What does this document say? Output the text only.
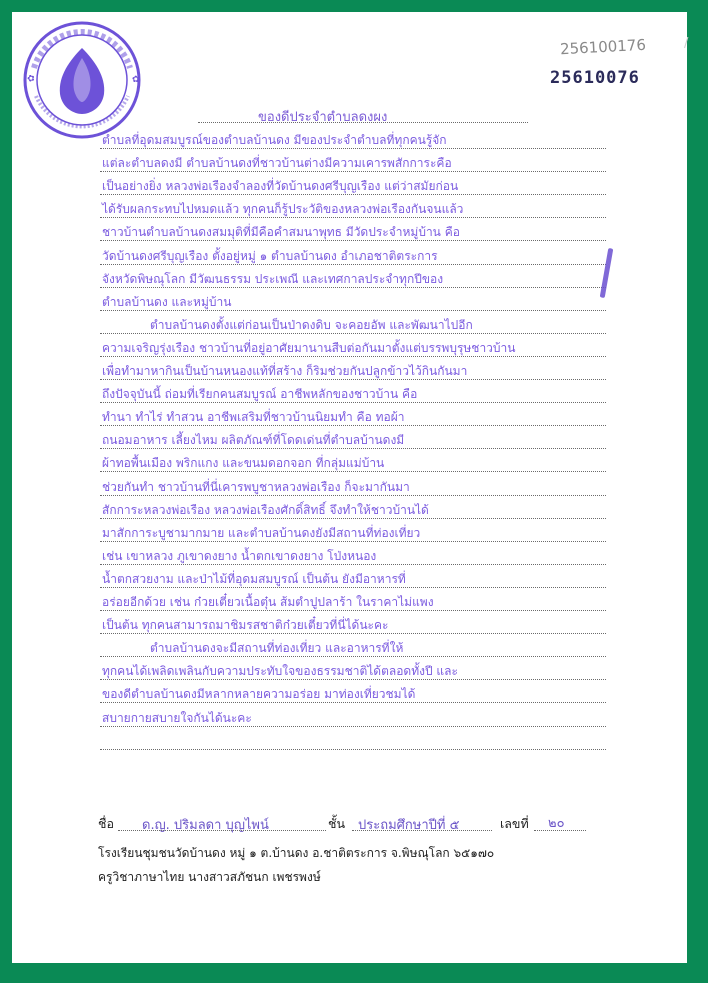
✿	✿
256100176
25610076
/
ของดีประจำตำบลดงผง
ตำบลที่อุดมสมบูรณ์ของตำบลบ้านดง มีของประจำตำบลที่ทุกคนรู้จัก
แต่ละตำบลดงมี ตำบลบ้านดงที่ชาวบ้านต่างมีความเคารพสักการะคือ
เป็นอย่างยิ่ง หลวงพ่อเรืองจำลองที่วัดบ้านดงศรีบุญเรือง แต่ว่าสมัยก่อน
ได้รับผลกระทบไปหมดแล้ว ทุกคนก็รู้ประวัติของหลวงพ่อเรืองกันจนแล้ว
ชาวบ้านตำบลบ้านดงสมมุติที่มีคือคำสมนาพุทธ มีวัดประจำหมู่บ้าน คือ
วัดบ้านดงศรีบุญเรือง ตั้งอยู่หมู่ ๑ ตำบลบ้านดง อำเภอชาติตระการ
จังหวัดพิษณุโลก มีวัฒนธรรม ประเพณี และเทศกาลประจำทุกปีของ
ตำบลบ้านดง และหมู่บ้าน
ตำบลบ้านดงตั้งแต่ก่อนเป็นป่าดงดิบ จะคอยอัพ และพัฒนาไปอีก
ความเจริญรุ่งเรือง ชาวบ้านที่อยู่อาศัยมานานสืบต่อกันมาตั้งแต่บรรพบุรุษชาวบ้าน
เพื่อทำมาหากินเป็นบ้านหนองแท้ที่สร้าง ก็ริมช่วยกันปลูกข้าวไว้กินกันมา
ถึงปัจจุบันนี้ ถ่อมที่เรียกคนสมบูรณ์ อาชีพหลักของชาวบ้าน คือ
ทำนา ทำไร่ ทำสวน อาชีพเสริมที่ชาวบ้านนิยมทำ คือ ทอผ้า
ถนอมอาหาร เลี้ยงไหม ผลิตภัณฑ์ที่โดดเด่นที่ตำบลบ้านดงมี
ผ้าทอพื้นเมือง พริกแกง และขนมดอกจอก ที่กลุ่มแม่บ้าน
ช่วยกันทำ ชาวบ้านที่นี่เคารพบูชาหลวงพ่อเรือง ก็จะมากันมา
สักการะหลวงพ่อเรือง หลวงพ่อเรืองศักดิ์สิทธิ์ จึงทำให้ชาวบ้านได้
มาสักการะบูชามากมาย และตำบลบ้านดงยังมีสถานที่ท่องเที่ยว
เช่น เขาหลวง ภูเขาดงยาง น้ำตกเขาดงยาง โป่งหนอง
น้ำตกสวยงาม และป่าไม้ที่อุดมสมบูรณ์ เป็นต้น ยังมีอาหารที่
อร่อยอีกด้วย เช่น ก๋วยเตี๋ยวเนื้อตุ๋น ส้มตำปูปลาร้า ในราคาไม่แพง
เป็นต้น ทุกคนสามารถมาชิมรสชาติก๋วยเตี๋ยวที่นี่ได้นะคะ
ตำบลบ้านดงจะมีสถานที่ท่องเที่ยว และอาหารที่ให้
ทุกคนได้เพลิดเพลินกับความประทับใจของธรรมชาติได้ตลอดทั้งปี และ
ของดีตำบลบ้านดงมีหลากหลายความอร่อย มาท่องเที่ยวชมได้
สบายกายสบายใจกันได้นะคะ
ชื่อ ด.ญ. ปริมลดา บุญไพน์	ชั้น ประถมศึกษาปีที่ ๕	เลขที่ ๒๐
โรงเรียนชุมชนวัดบ้านดง หมู่ ๑ ต.บ้านดง อ.ชาติตระการ จ.พิษณุโลก ๖๕๑๗๐
ครูวิชาภาษาไทย นางสาวสภัชนก เพชรพงษ์
